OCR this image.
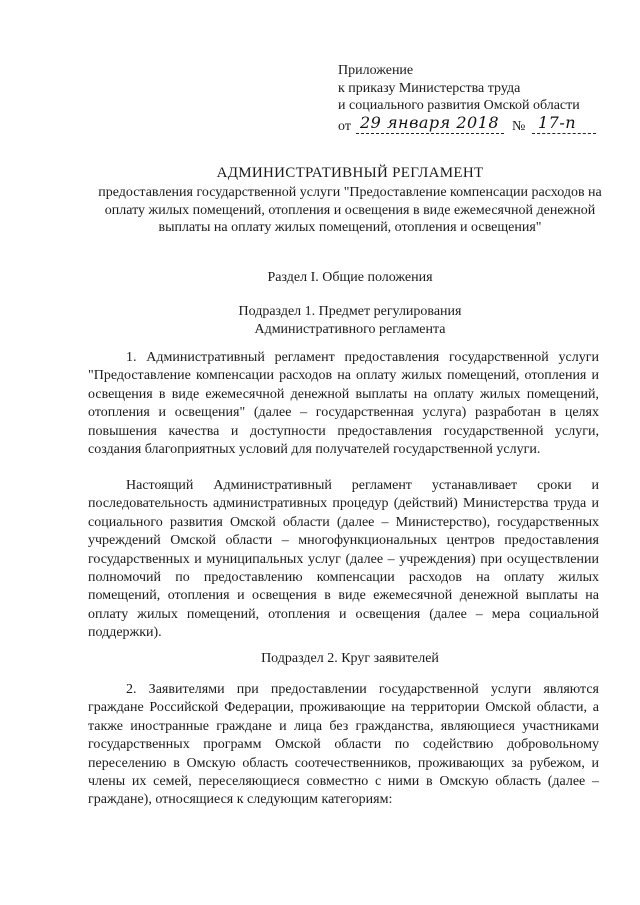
Приложение
к приказу Министерства труда
и социального развития Омской области
от 29 января 2018 № 17-п
АДМИНИСТРАТИВНЫЙ РЕГЛАМЕНТ
предоставления государственной услуги "Предоставление компенсации расходов на оплату жилых помещений, отопления и освещения в виде ежемесячной денежной выплаты на оплату жилых помещений, отопления и освещения"
Раздел I. Общие положения
Подраздел 1. Предмет регулирования
Административного регламента
1. Административный регламент предоставления государственной услуги "Предоставление компенсации расходов на оплату жилых помещений, отопления и освещения в виде ежемесячной денежной выплаты на оплату жилых помещений, отопления и освещения" (далее – государственная услуга) разработан в целях повышения качества и доступности предоставления государственной услуги, создания благоприятных условий для получателей государственной услуги.
Настоящий Административный регламент устанавливает сроки и последовательность административных процедур (действий) Министерства труда и социального развития Омской области (далее – Министерство), государственных учреждений Омской области – многофункциональных центров предоставления государственных и муниципальных услуг (далее – учреждения) при осуществлении полномочий по предоставлению компенсации расходов на оплату жилых помещений, отопления и освещения в виде ежемесячной денежной выплаты на оплату жилых помещений, отопления и освещения (далее – мера социальной поддержки).
Подраздел 2. Круг заявителей
2. Заявителями при предоставлении государственной услуги являются граждане Российской Федерации, проживающие на территории Омской области, а также иностранные граждане и лица без гражданства, являющиеся участниками государственных программ Омской области по содействию добровольному переселению в Омскую область соотечественников, проживающих за рубежом, и члены их семей, переселяющиеся совместно с ними в Омскую область (далее – граждане), относящиеся к следующим категориям:
